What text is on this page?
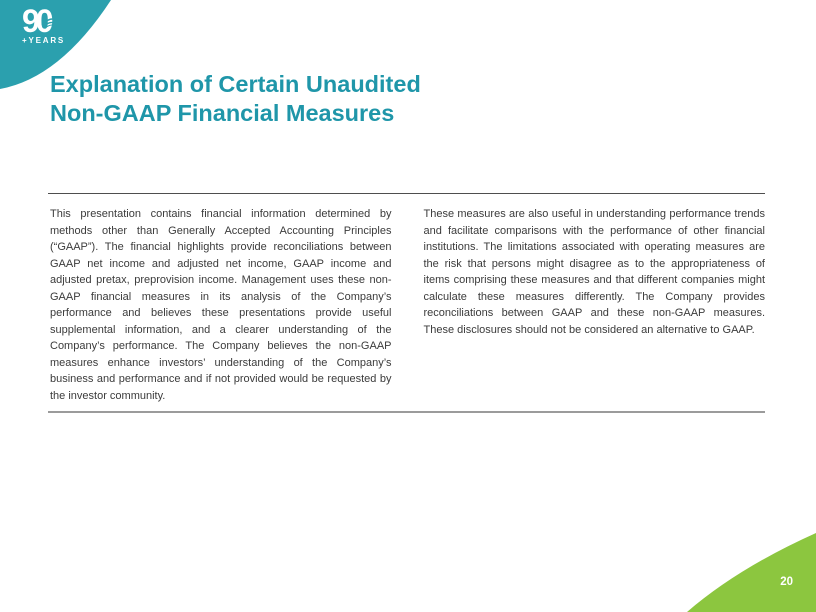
90
+YEARS
Explanation of Certain Unaudited
Non-GAAP Financial Measures

This presentation contains financial information determined by methods other than Generally Accepted Accounting Principles (“GAAP”). The financial highlights provide reconciliations between GAAP net income and adjusted net income, GAAP income and adjusted pretax, preprovision income. Management uses these non-GAAP financial measures in its analysis of the Company’s performance and believes these presentations provide useful supplemental information, and a clearer understanding of the Company’s performance. The Company believes the non-GAAP measures enhance investors’ understanding of the Company’s business and performance and if not provided would be requested by the investor community.

These measures are also useful in understanding performance trends and facilitate comparisons with the performance of other financial institutions. The limitations associated with operating measures are the risk that persons might disagree as to the appropriateness of items comprising these measures and that different companies might calculate these measures differently. The Company provides reconciliations between GAAP and these non-GAAP measures. These disclosures should not be considered an alternative to GAAP.

20
